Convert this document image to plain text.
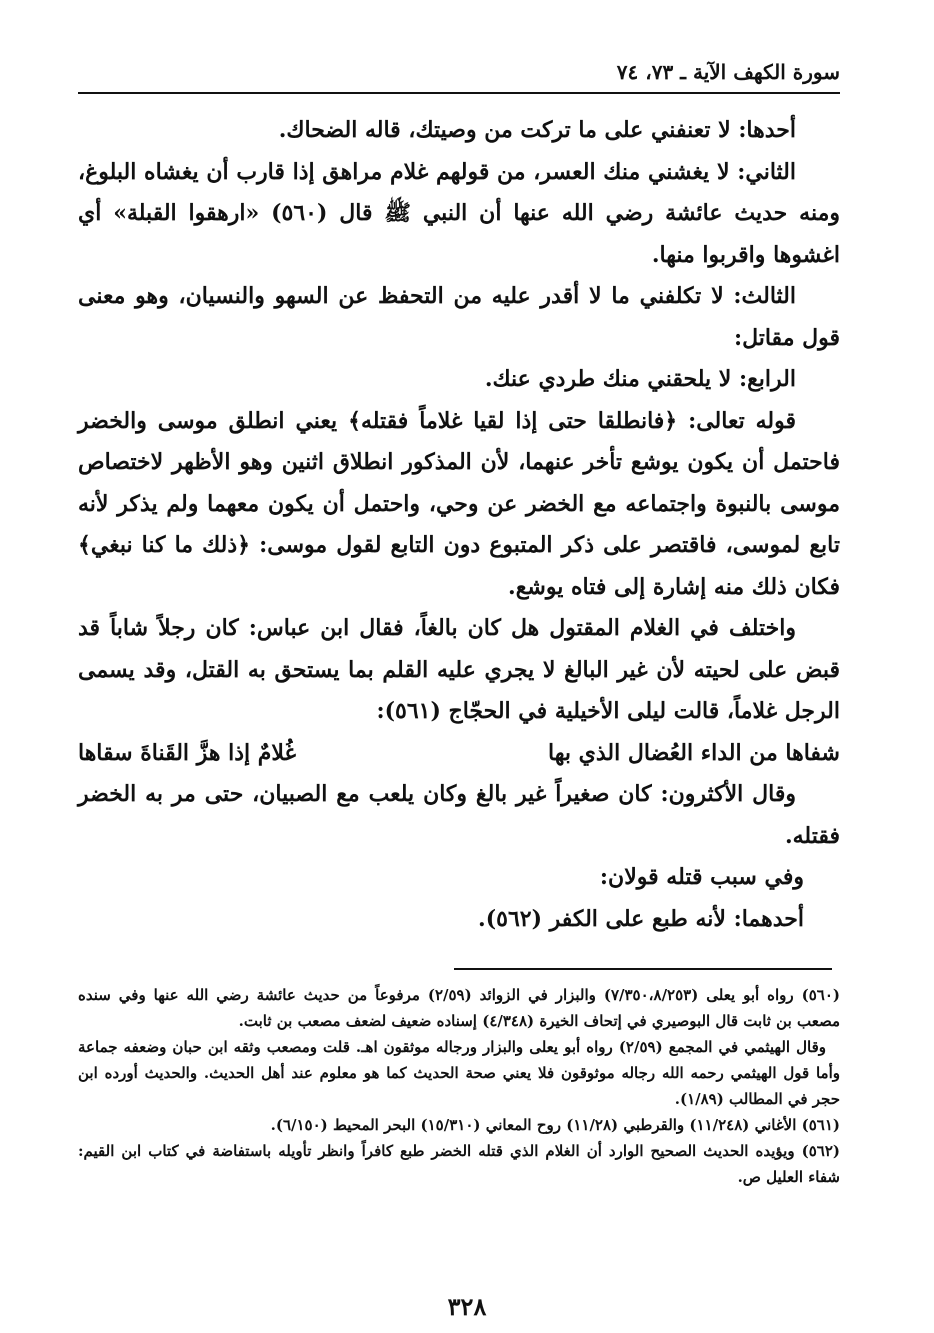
سورة الكهف الآية ـ ٧٣، ٧٤

أحدها: لا تعنفني على ما تركت من وصيتك، قاله الضحاك.

الثاني: لا يغشني منك العسر، من قولهم غلام مراهق إذا قارب أن يغشاه البلوغ، ومنه حديث عائشة رضي الله عنها أن النبي ﷺ قال (٥٦٠) «ارهقوا القبلة» أي اغشوها واقربوا منها.

الثالث: لا تكلفني ما لا أقدر عليه من التحفظ عن السهو والنسيان، وهو معنى قول مقاتل:

الرابع: لا يلحقني منك طردي عنك.

قوله تعالى: ﴿فانطلقا حتى إذا لقيا غلاماً فقتله﴾ يعني انطلق موسى والخضر فاحتمل أن يكون يوشع تأخر عنهما، لأن المذكور انطلاق اثنين وهو الأظهر لاختصاص موسى بالنبوة واجتماعه مع الخضر عن وحي، واحتمل أن يكون معهما ولم يذكر لأنه تابع لموسى، فاقتصر على ذكر المتبوع دون التابع لقول موسى: ﴿ذلك ما كنا نبغي﴾ فكان ذلك منه إشارة إلى فتاه يوشع.

واختلف في الغلام المقتول هل كان بالغاً، فقال ابن عباس: كان رجلاً شاباً قد قبض على لحيته لأن غير البالغ لا يجري عليه القلم بما يستحق به القتل، وقد يسمى الرجل غلاماً، قالت ليلى الأخيلية في الحجّاج (٥٦١):

شفاها من الداء العُضال الذي بها
غُلامٌ إذا هزَّ القَناةَ سقاها

وقال الأكثرون: كان صغيراً غير بالغ وكان يلعب مع الصبيان، حتى مر به الخضر فقتله.

وفي سبب قتله قولان:

أحدهما: لأنه طبع على الكفر (٥٦٢).

(٥٦٠) رواه أبو يعلى (٧/٣٥٠،٨/٢٥٣) والبزار في الزوائد (٢/٥٩) مرفوعاً من حديث عائشة رضي الله عنها وفي سنده مصعب بن ثابت قال البوصيري في إتحاف الخيرة (٤/٣٤٨) إسناده ضعيف لضعف مصعب بن ثابت.

وقال الهيثمي في المجمع (٢/٥٩) رواه أبو يعلى والبزار ورجاله موثقون اهـ. قلت ومصعب وثقه ابن حبان وضعفه جماعة وأما قول الهيثمي رحمه الله رجاله موثوقون فلا يعني صحة الحديث كما هو معلوم عند أهل الحديث. والحديث أورده ابن حجر في المطالب (١/٨٩).

(٥٦١) الأغاني (١١/٢٤٨) والقرطبي (١١/٢٨) روح المعاني (١٥/٣١٠) البحر المحيط (٦/١٥٠).

(٥٦٢) ويؤيده الحديث الصحيح الوارد أن الغلام الذي قتله الخضر طبع كافراً وانظر تأويله باستفاضة في كتاب ابن القيم: شفاء العليل ص.

٣٢٨
